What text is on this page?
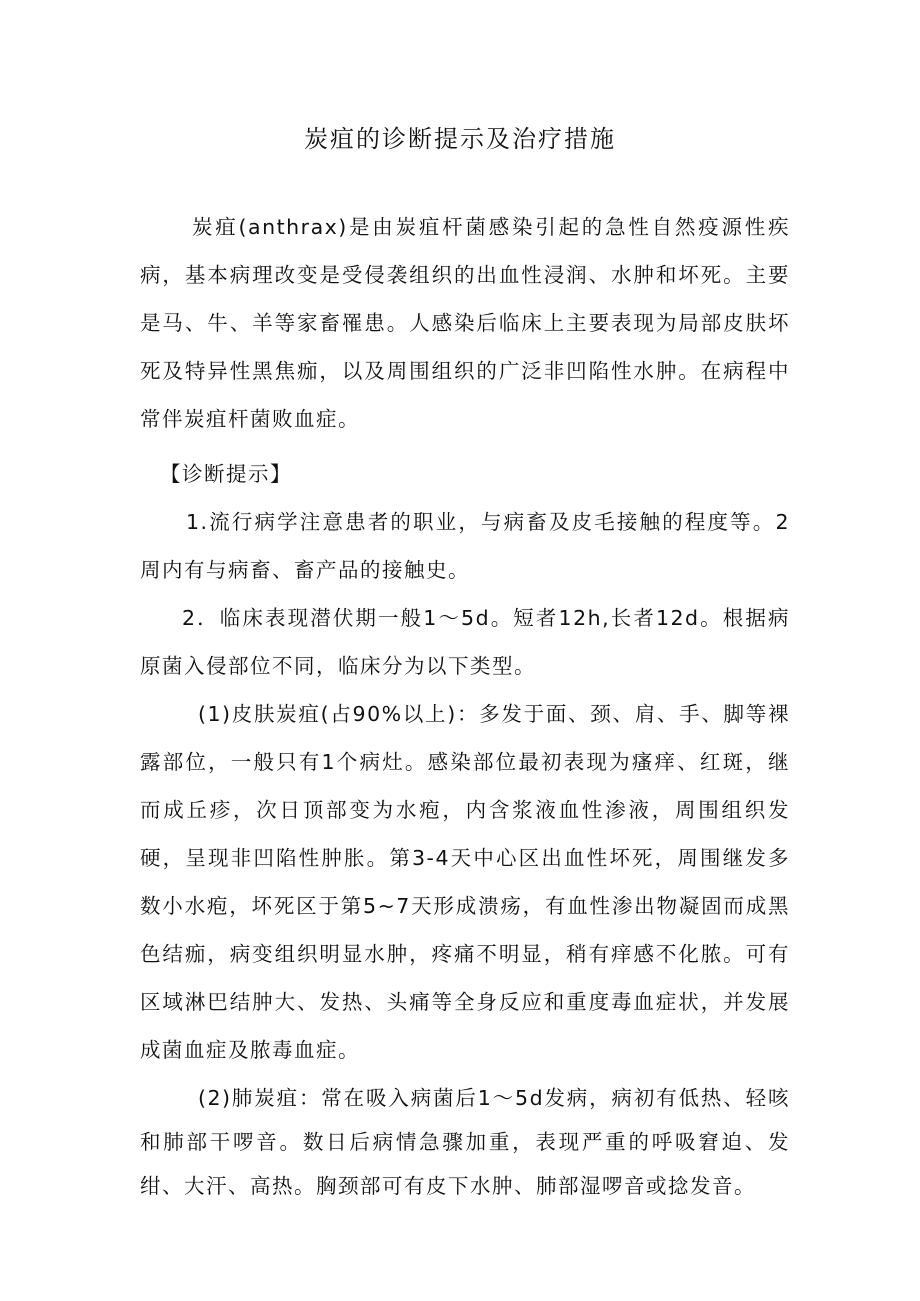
炭疽的诊断提示及治疗措施

炭疽(anthrax)是由炭疽杆菌感染引起的急性自然疫源性疾病，基本病理改变是受侵袭组织的出血性浸润、水肿和坏死。主要是马、牛、羊等家畜罹患。人感染后临床上主要表现为局部皮肤坏死及特异性黑焦痂，以及周围组织的广泛非凹陷性水肿。在病程中常伴炭疽杆菌败血症。

【诊断提示】

1.流行病学注意患者的职业，与病畜及皮毛接触的程度等。2周内有与病畜、畜产品的接触史。

2．临床表现潜伏期一般1～5d。短者12h,长者12d。根据病原菌入侵部位不同，临床分为以下类型。

(1)皮肤炭疽(占90%以上)：多发于面、颈、肩、手、脚等裸露部位，一般只有1个病灶。感染部位最初表现为瘙痒、红斑，继而成丘疹，次日顶部变为水疱，内含浆液血性渗液，周围组织发硬，呈现非凹陷性肿胀。第3-4天中心区出血性坏死，周围继发多数小水疱，坏死区于第5~7天形成溃疡，有血性渗出物凝固而成黑色结痂，病变组织明显水肿，疼痛不明显，稍有痒感不化脓。可有区域淋巴结肿大、发热、头痛等全身反应和重度毒血症状，并发展成菌血症及脓毒血症。

(2)肺炭疽：常在吸入病菌后1～5d发病，病初有低热、轻咳和肺部干啰音。数日后病情急骤加重，表现严重的呼吸窘迫、发绀、大汗、高热。胸颈部可有皮下水肿、肺部湿啰音或捻发音。
